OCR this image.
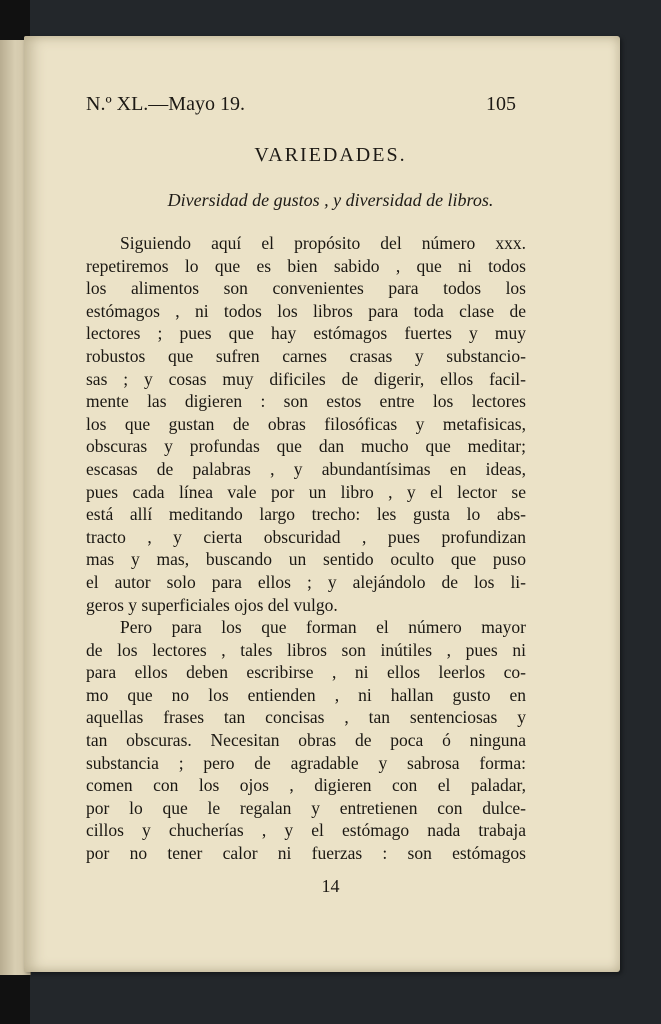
N.º XL.—Mayo 19.	105
VARIEDADES.
Diversidad de gustos , y diversidad de libros.
Siguiendo aquí el propósito del número xxx.
repetiremos lo que es bien sabido , que ni todos
los alimentos son convenientes para todos los
estómagos , ni todos los libros para toda clase de
lectores ; pues que hay estómagos fuertes y muy
robustos que sufren carnes crasas y substancio-
sas ; y cosas muy dificiles de digerir, ellos facil-
mente las digieren : son estos entre los lectores
los que gustan de obras filosóficas y metafisicas,
obscuras y profundas que dan mucho que meditar;
escasas de palabras , y abundantísimas en ideas,
pues cada línea vale por un libro , y el lector se
está allí meditando largo trecho: les gusta lo abs-
tracto , y cierta obscuridad , pues profundizan
mas y mas, buscando un sentido oculto que puso
el autor solo para ellos ; y alejándolo de los li-
geros y superficiales ojos del vulgo.
Pero para los que forman el número mayor
de los lectores , tales libros son inútiles , pues ni
para ellos deben escribirse , ni ellos leerlos co-
mo que no los entienden , ni hallan gusto en
aquellas frases tan concisas , tan sentenciosas y
tan obscuras. Necesitan obras de poca ó ninguna
substancia ; pero de agradable y sabrosa forma:
comen con los ojos , digieren con el paladar,
por lo que le regalan y entretienen con dulce-
cillos y chucherías , y el estómago nada trabaja
por no tener calor ni fuerzas : son estómagos
14
